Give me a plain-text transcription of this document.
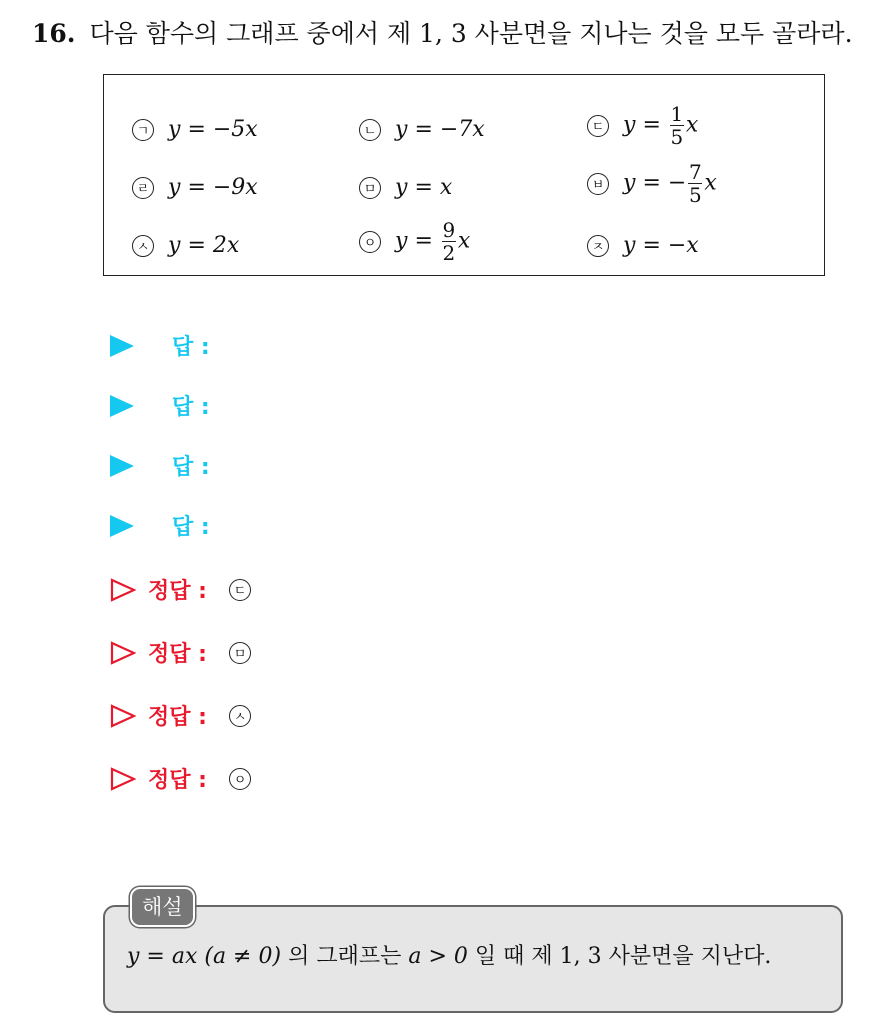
16. 다음 함수의 그래프 중에서 제 1, 3 사분면을 지나는 것을 모두 골라라.
ㄱ y = −5x	ㄴ y = −7x	ㄷ $y = \frac{1}{5}$ x
ㄹ y = −9x	ㅁ y = x	ㅂ y = − $\frac{7}{5}$ x
ㅅ y = 2x	ㅇ $y = \frac{9}{2}$ x	ㅈ y = −x
답 :
답 :
답 :
답 :
정답 :	ㄷ
정답 :	ㅁ
정답 :	ㅅ
정답 :	ㅇ
해설
y = ax (a ≠ 0) 의 그래프는 a > 0 일 때 제 1, 3 사분면을 지난다.
